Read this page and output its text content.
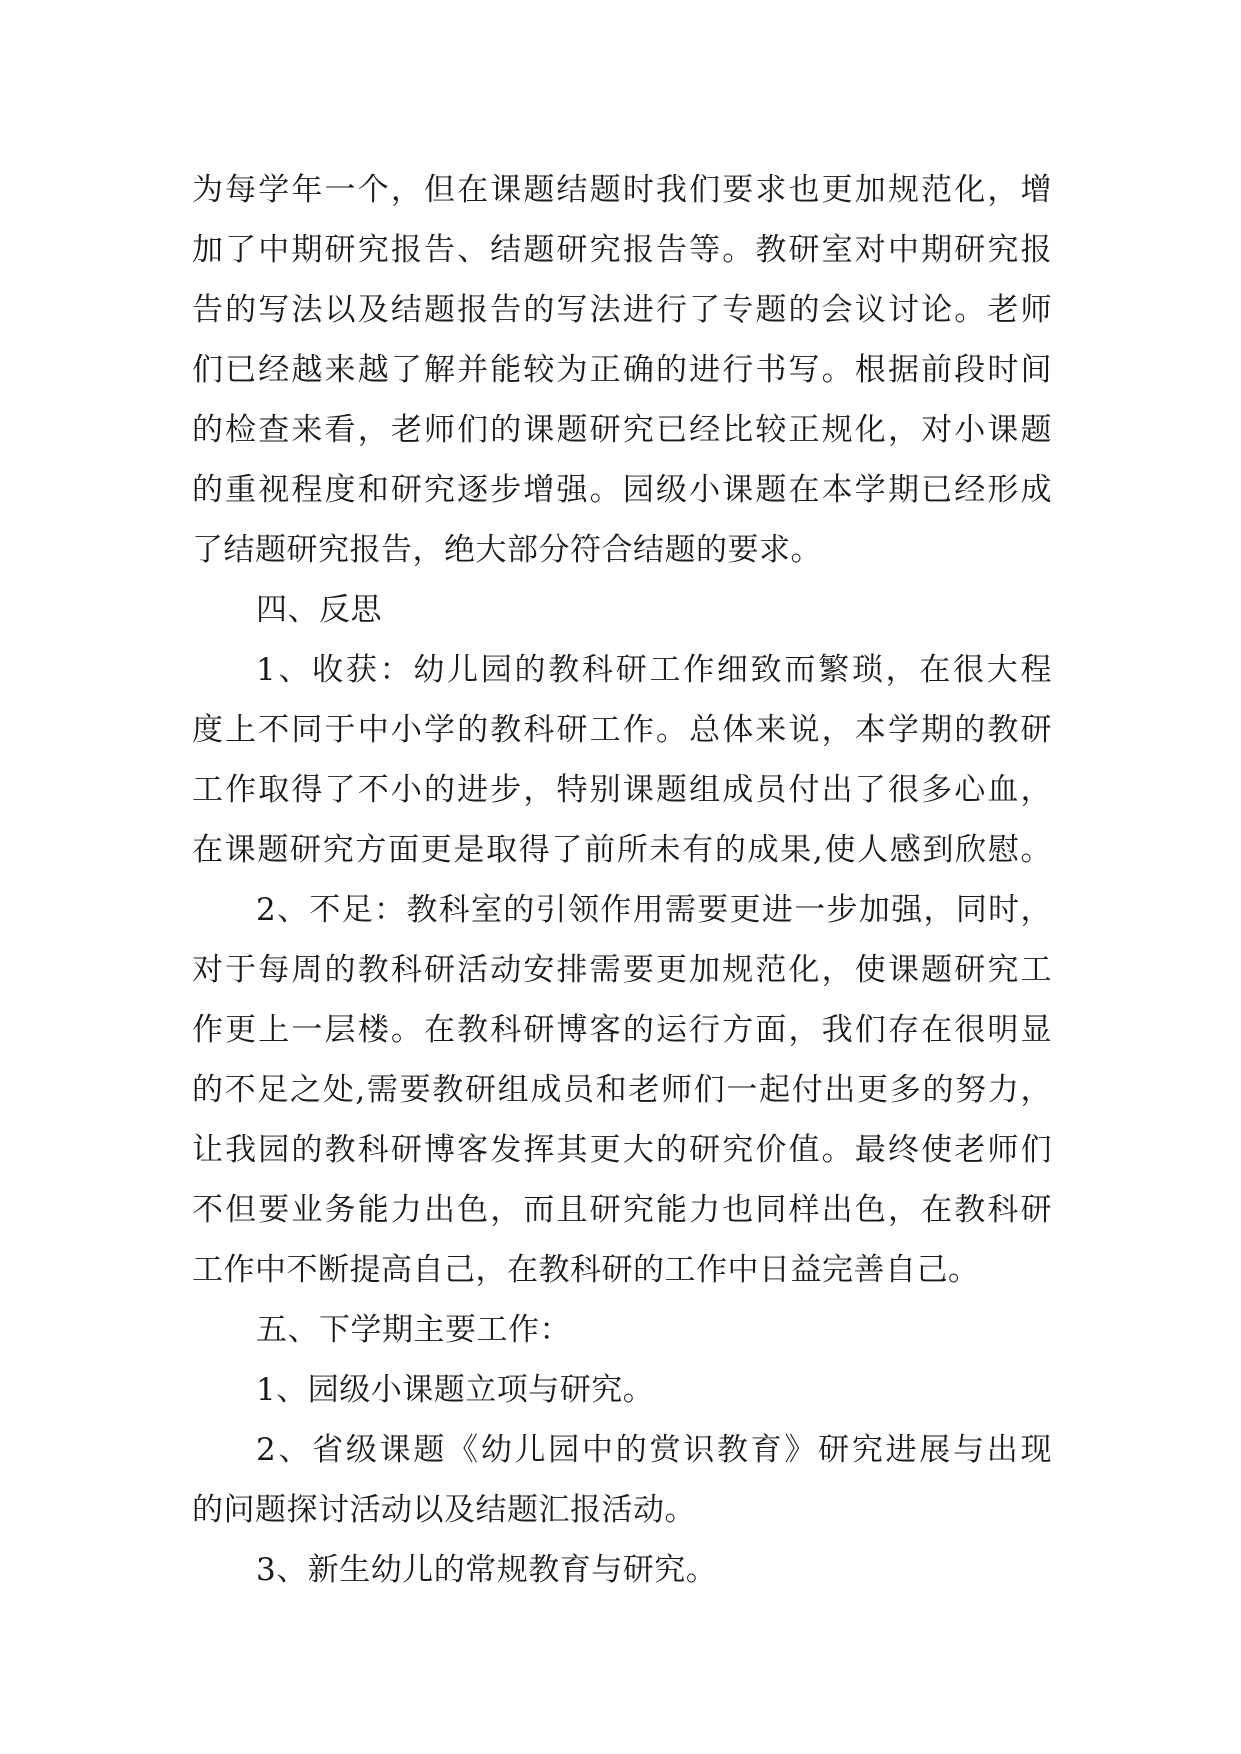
为每学年一个，但在课题结题时我们要求也更加规范化，增
加了中期研究报告、结题研究报告等。教研室对中期研究报
告的写法以及结题报告的写法进行了专题的会议讨论。老师
们已经越来越了解并能较为正确的进行书写。根据前段时间
的检查来看，老师们的课题研究已经比较正规化，对小课题
的重视程度和研究逐步增强。园级小课题在本学期已经形成
了结题研究报告，绝大部分符合结题的要求。
四、反思
1、收获：幼儿园的教科研工作细致而繁琐，在很大程
度上不同于中小学的教科研工作。总体来说，本学期的教研
工作取得了不小的进步，特别课题组成员付出了很多心血，
在课题研究方面更是取得了前所未有的成果,使人感到欣慰。
2、不足：教科室的引领作用需要更进一步加强，同时，
对于每周的教科研活动安排需要更加规范化，使课题研究工
作更上一层楼。在教科研博客的运行方面，我们存在很明显
的不足之处,需要教研组成员和老师们一起付出更多的努力，
让我园的教科研博客发挥其更大的研究价值。最终使老师们
不但要业务能力出色，而且研究能力也同样出色，在教科研
工作中不断提高自己，在教科研的工作中日益完善自己。
五、下学期主要工作：
1、园级小课题立项与研究。
2、省级课题《幼儿园中的赏识教育》研究进展与出现
的问题探讨活动以及结题汇报活动。
3、新生幼儿的常规教育与研究。
